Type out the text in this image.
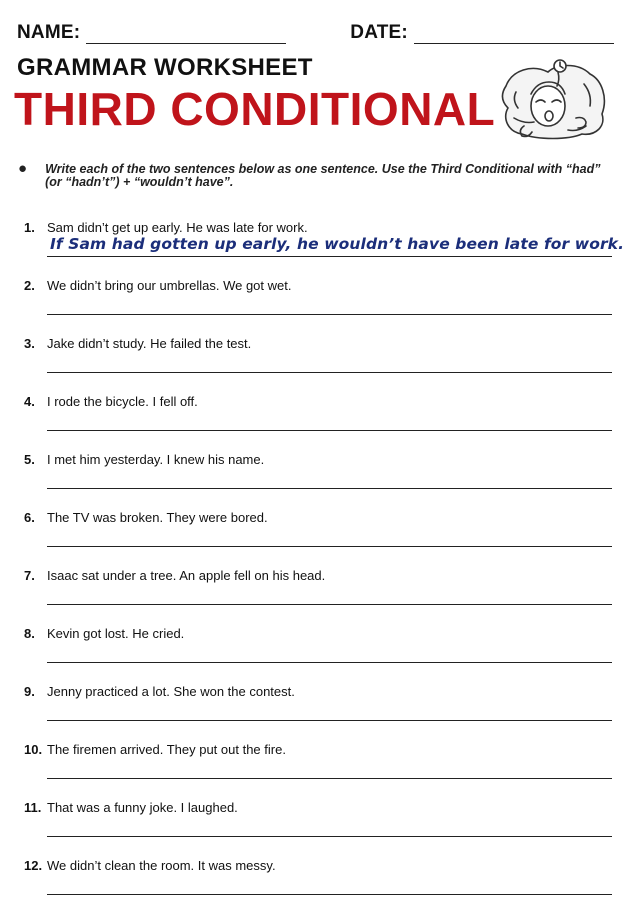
NAME:	DATE:
GRAMMAR WORKSHEET
THIRD CONDITIONAL
● Write each of the two sentences below as one sentence. Use the Third Conditional with “had” (or “hadn’t”) + “wouldn’t have”.
1. Sam didn’t get up early. He was late for work.
If Sam had gotten up early, he wouldn’t have been late for work.
2. We didn’t bring our umbrellas. We got wet.
3. Jake didn’t study. He failed the test.
4. I rode the bicycle. I fell off.
5. I met him yesterday. I knew his name.
6. The TV was broken. They were bored.
7. Isaac sat under a tree. An apple fell on his head.
8. Kevin got lost. He cried.
9. Jenny practiced a lot. She won the contest.
10. The firemen arrived. They put out the fire.
11. That was a funny joke. I laughed.
12. We didn’t clean the room. It was messy.
